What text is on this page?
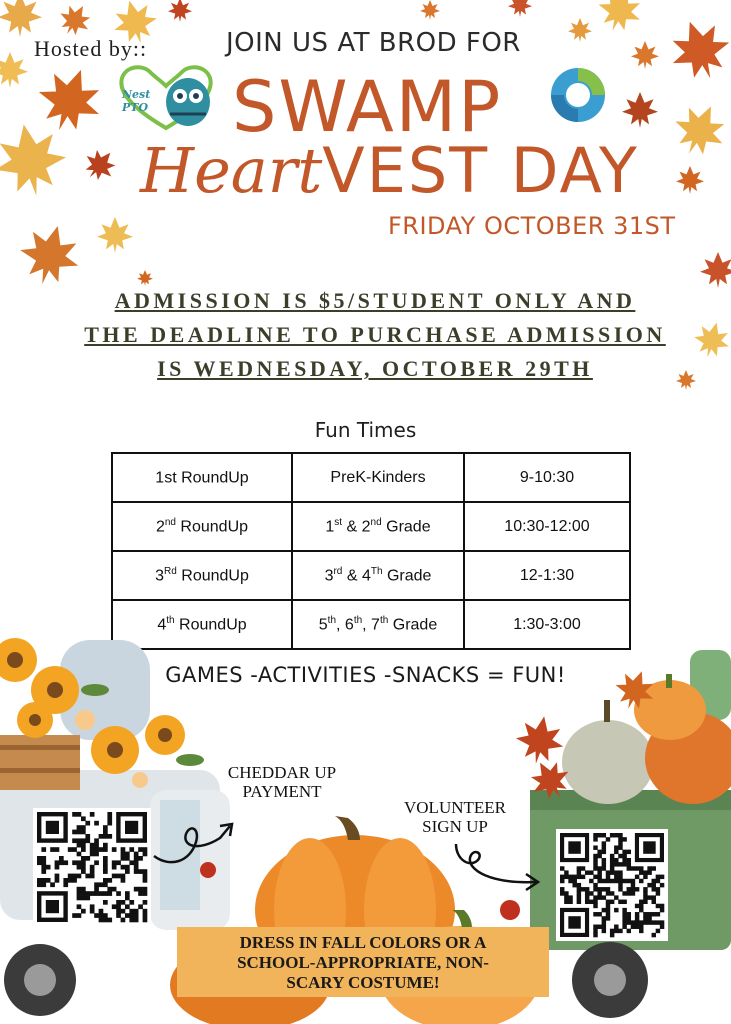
Hosted by::	JOIN US AT BROD FOR
Nest PTO SWAMP
HeartVEST DAY
FRIDAY OCTOBER 31ST
ADMISSION IS $5/STUDENT ONLY AND
THE DEADLINE TO PURCHASE ADMISSION
IS WEDNESDAY, OCTOBER 29TH
Fun Times
1st RoundUp	PreK-Kinders	9-10:30
2nd RoundUp	1st & 2nd Grade	10:30-12:00
3Rd RoundUp	3rd & 4Th Grade	12-1:30
4th RoundUp	5th, 6th, 7th Grade	1:30-3:00
GAMES -ACTIVITIES -SNACKS = FUN!
CHEDDAR UP
PAYMENT
VOLUNTEER
SIGN UP
DRESS IN FALL COLORS OR A
SCHOOL-APPROPRIATE, NON-
SCARY COSTUME!
